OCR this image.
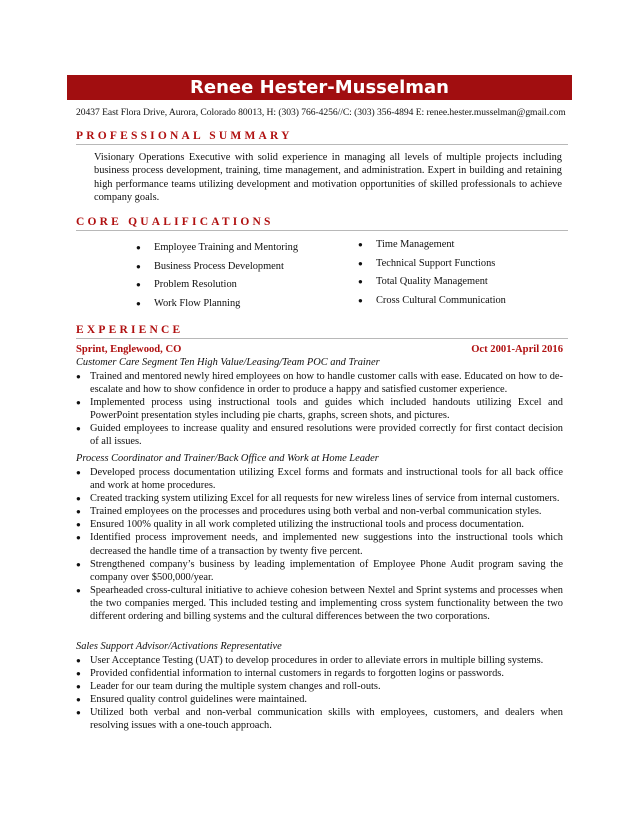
Renee Hester-Musselman
20437 East Flora Drive, Aurora, Colorado 80013, H: (303) 766-4256//C: (303) 356-4894 E: renee.hester.musselman@gmail.com
PROFESSIONAL SUMMARY
Visionary Operations Executive with solid experience in managing all levels of multiple projects including business process development, training, time management, and administration. Expert in building and retaining high performance teams utilizing development and motivation opportunities of skilled professionals to achieve company goals.
CORE QUALIFICATIONS
● Employee Training and Mentoring
● Business Process Development
● Problem Resolution
● Work Flow Planning
● Time Management
● Technical Support Functions
● Total Quality Management
● Cross Cultural Communication
EXPERIENCE
Sprint, Englewood, CO	Oct 2001-April 2016
Customer Care Segment Ten High Value/Leasing/Team POC and Trainer
● Trained and mentored newly hired employees on how to handle customer calls with ease. Educated on how to de-escalate and how to show confidence in order to produce a happy and satisfied customer experience.
● Implemented process using instructional tools and guides which included handouts utilizing Excel and PowerPoint presentation styles including pie charts, graphs, screen shots, and pictures.
● Guided employees to increase quality and ensured resolutions were provided correctly for first contact decision of all issues.
Process Coordinator and Trainer/Back Office and Work at Home Leader
● Developed process documentation utilizing Excel forms and formats and instructional tools for all back office and work at home procedures.
● Created tracking system utilizing Excel for all requests for new wireless lines of service from internal customers.
● Trained employees on the processes and procedures using both verbal and non-verbal communication styles.
● Ensured 100% quality in all work completed utilizing the instructional tools and process documentation.
● Identified process improvement needs, and implemented new suggestions into the instructional tools which decreased the handle time of a transaction by twenty five percent.
● Strengthened company’s business by leading implementation of Employee Phone Audit program saving the company over $500,000/year.
● Spearheaded cross-cultural initiative to achieve cohesion between Nextel and Sprint systems and processes when the two companies merged. This included testing and implementing cross system functionality between the two different ordering and billing systems and the cultural differences between the two corporations.
Sales Support Advisor/Activations Representative
● User Acceptance Testing (UAT) to develop procedures in order to alleviate errors in multiple billing systems.
● Provided confidential information to internal customers in regards to forgotten logins or passwords.
● Leader for our team during the multiple system changes and roll-outs.
● Ensured quality control guidelines were maintained.
● Utilized both verbal and non-verbal communication skills with employees, customers, and dealers when resolving issues with a one-touch approach.
